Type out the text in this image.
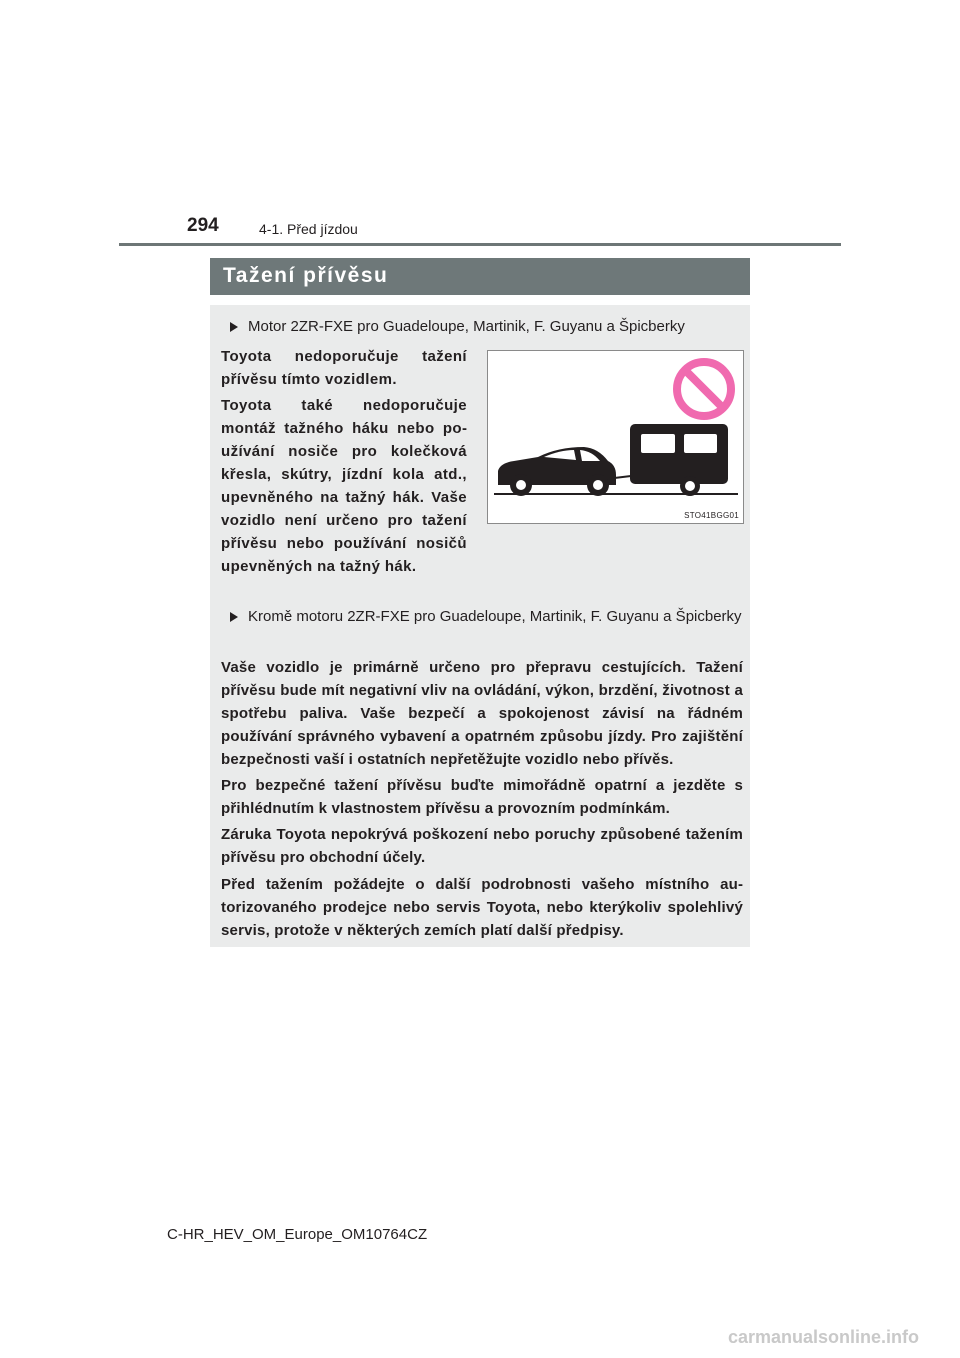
294	4-1. Před jízdou
Tažení přívěsu
Motor 2ZR-FXE pro Guadeloupe, Martinik, F. Guyanu a Špicberky
Toyota nedoporučuje tažení přívěsu tímto vozidlem.
Toyota také nedoporučuje montáž tažného háku nebo používání nosiče pro kolečková křesla, skútry, jízdní kola atd., upevněného na tažný hák. Vaše vozidlo není určeno pro tažení přívěsu nebo používání nosičů upevněných na tažný hák.
STO41BGG01
Kromě motoru 2ZR-FXE pro Guadeloupe, Martinik, F. Guyanu a Špicberky
Vaše vozidlo je primárně určeno pro přepravu cestujících. Tažení přívěsu bude mít negativní vliv na ovládání, výkon, brzdění, životnost a spotřebu paliva. Vaše bezpečí a spokojenost závisí na řádném používání správného vybavení a opatrném způsobu jízdy. Pro zajištění bezpečnosti vaší i ostatních nepřetěžujte vozidlo nebo přívěs.
Pro bezpečné tažení přívěsu buďte mimořádně opatrní a jezděte s přihlédnutím k vlastnostem přívěsu a provozním podmínkám.
Záruka Toyota nepokrývá poškození nebo poruchy způsobené tažením přívěsu pro obchodní účely.
Před tažením požádejte o další podrobnosti vašeho místního autorizovaného prodejce nebo servis Toyota, nebo kterýkoliv spolehlivý servis, protože v některých zemích platí další předpisy.
C-HR_HEV_OM_Europe_OM10764CZ
carmanualsonline.info
